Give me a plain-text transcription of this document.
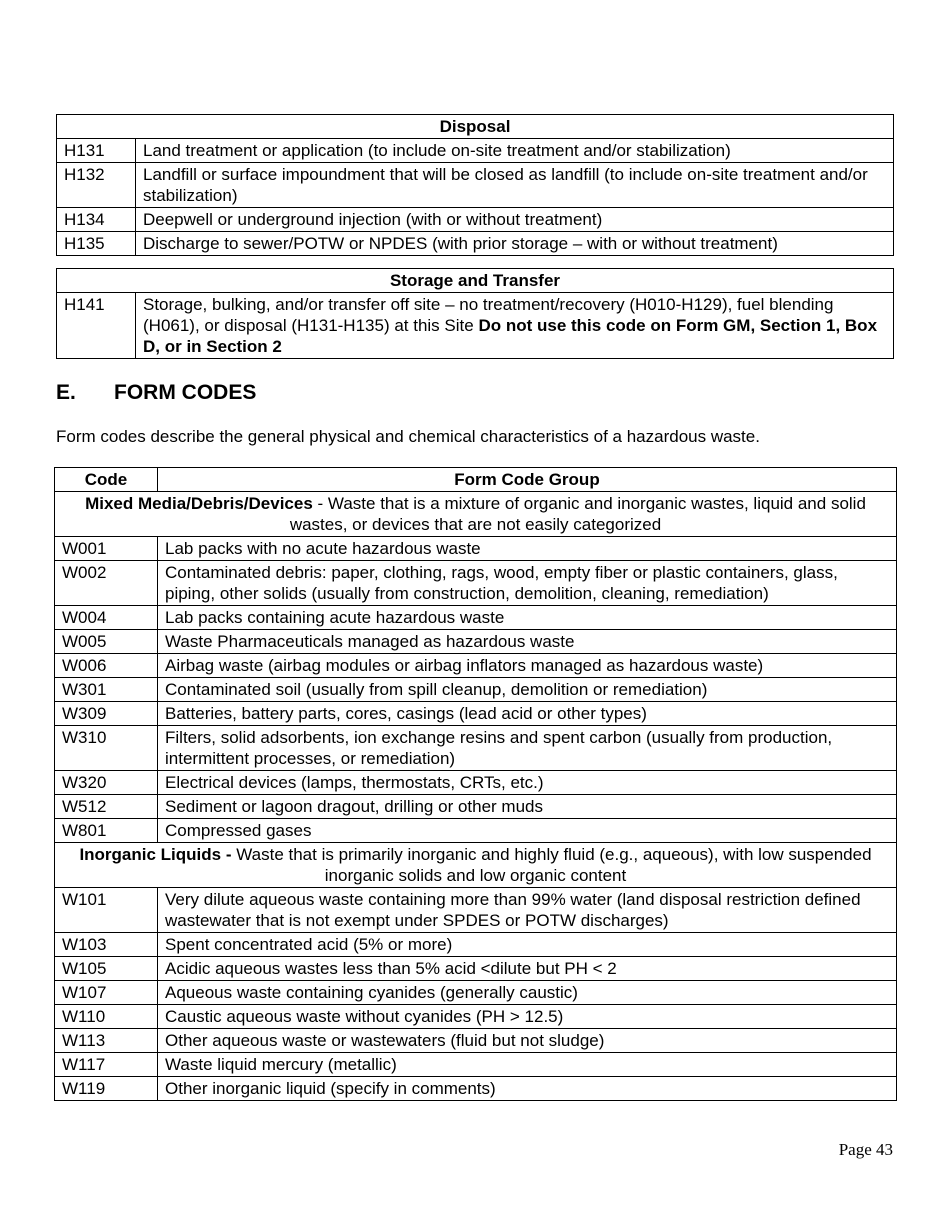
Disposal	
H131	Land treatment or application (to include on-site treatment and/or stabilization)
H132	Landfill or surface impoundment that will be closed as landfill (to include on-site treatment and/or stabilization)
H134	Deepwell or underground injection (with or without treatment)
H135	Discharge to sewer/POTW or NPDES (with prior storage – with or without treatment)
Storage and Transfer
H141	Storage, bulking, and/or transfer off site – no treatment/recovery (H010-H129), fuel blending (H061), or disposal (H131-H135) at this Site Do not use this code on Form GM, Section 1, Box D, or in Section 2
E. FORM CODES
Form codes describe the general physical and chemical characteristics of a hazardous waste.
Code	Form Code Group
Mixed Media/Debris/Devices - Waste that is a mixture of organic and inorganic wastes, liquid and solid wastes, or devices that are not easily categorized	
W001	Lab packs with no acute hazardous waste
W002	Contaminated debris: paper, clothing, rags, wood, empty fiber or plastic containers, glass, piping, other solids (usually from construction, demolition, cleaning, remediation)
W004	Lab packs containing acute hazardous waste
W005	Waste Pharmaceuticals managed as hazardous waste
W006	Airbag waste (airbag modules or airbag inflators managed as hazardous waste)
W301	Contaminated soil (usually from spill cleanup, demolition or remediation)
W309	Batteries, battery parts, cores, casings (lead acid or other types)
W310	Filters, solid adsorbents, ion exchange resins and spent carbon (usually from production, intermittent processes, or remediation)
W320	Electrical devices (lamps, thermostats, CRTs, etc.)
W512	Sediment or lagoon dragout, drilling or other muds
W801	Compressed gases
Inorganic Liquids - Waste that is primarily inorganic and highly fluid (e.g., aqueous), with low suspended inorganic solids and low organic content	
W101	Very dilute aqueous waste containing more than 99% water (land disposal restriction defined wastewater that is not exempt under SPDES or POTW discharges)
W103	Spent concentrated acid (5% or more)
W105	Acidic aqueous wastes less than 5% acid <dilute but PH < 2
W107	Aqueous waste containing cyanides (generally caustic)
W110	Caustic aqueous waste without cyanides (PH > 12.5)
W113	Other aqueous waste or wastewaters (fluid but not sludge)
W117	Waste liquid mercury (metallic)
W119	Other inorganic liquid (specify in comments)
Page 43
